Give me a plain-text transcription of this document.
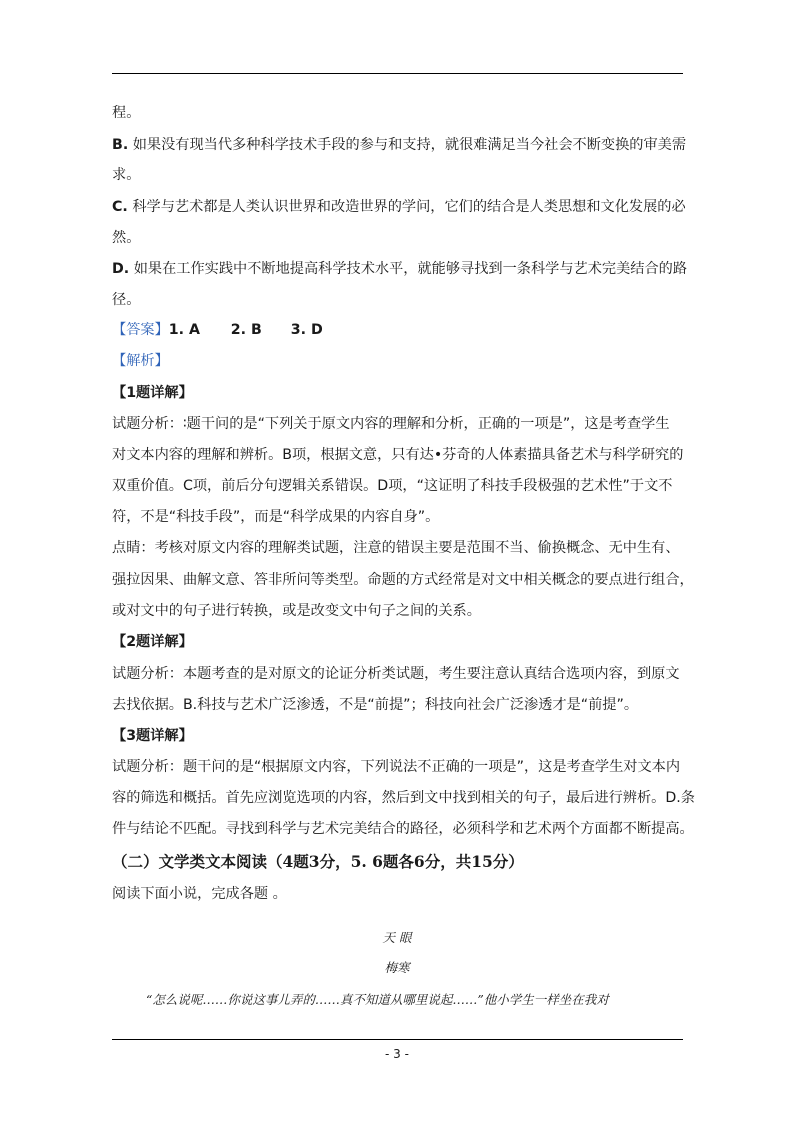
程。
B. 如果没有现当代多种科学技术手段的参与和支持，就很难满足当今社会不断变换的审美需
求。
C. 科学与艺术都是人类认识世界和改造世界的学问，它们的结合是人类思想和文化发展的必
然。
D. 如果在工作实践中不断地提高科学技术水平，就能够寻找到一条科学与艺术完美结合的路
径。
【答案】1. A 2. B 3. D
【解析】
【1题详解】
试题分析：∶题干问的是“下列关于原文内容的理解和分析，正确的一项是”，这是考查学生
对文本内容的理解和辨析。B项，根据文意，只有达•芬奇的人体素描具备艺术与科学研究的
双重价值。C项，前后分句逻辑关系错误。D项，“这证明了科技手段极强的艺术性”于文不
符，不是“科技手段”，而是“科学成果的内容自身”。
点睛：考核对原文内容的理解类试题，注意的错误主要是范围不当、偷换概念、无中生有、
强拉因果、曲解文意、答非所问等类型。命题的方式经常是对文中相关概念的要点进行组合，
或对文中的句子进行转换，或是改变文中句子之间的关系。
【2题详解】
试题分析：本题考查的是对原文的论证分析类试题，考生要注意认真结合选项内容，到原文
去找依据。B.科技与艺术广泛渗透，不是“前提”；科技向社会广泛渗透才是“前提”。
【3题详解】
试题分析：题干问的是“根据原文内容，下列说法不正确的一项是”，这是考查学生对文本内
容的筛选和概括。首先应浏览选项的内容，然后到文中找到相关的句子，最后进行辨析。D.条
件与结论不匹配。寻找到科学与艺术完美结合的路径，必须科学和艺术两个方面都不断提高。
（二）文学类文本阅读（4题3分，5. 6题各6分，共15分）
阅读下面小说，完成各题 。
天 眼
梅寒
“怎么说呢……你说这事儿弄的……真不知道从哪里说起……”他小学生一样坐在我对
- 3 -
